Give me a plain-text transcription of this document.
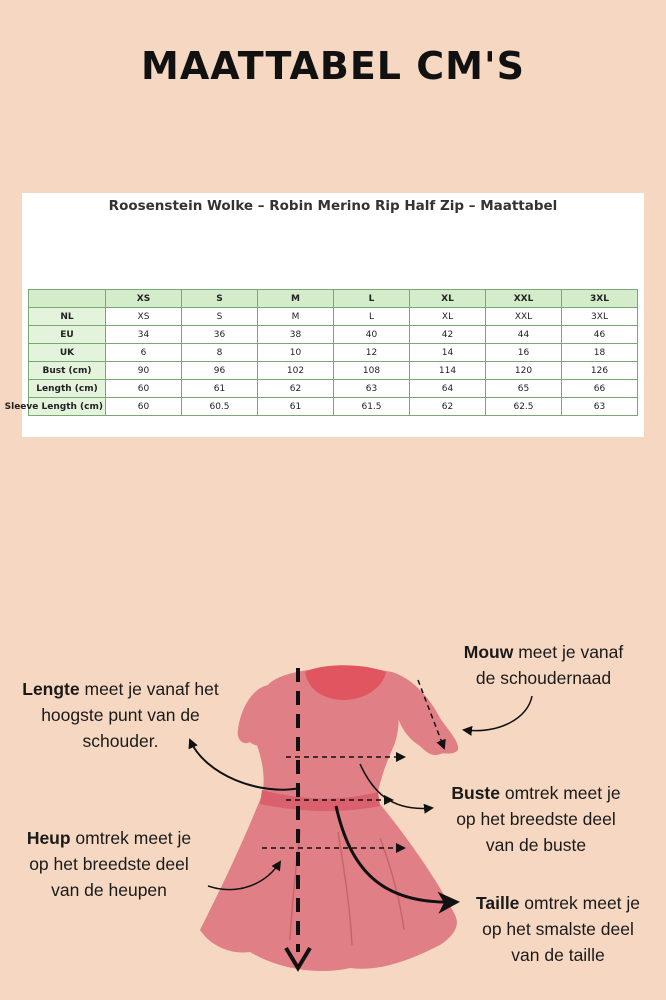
MAATTABEL CM'S
Roosenstein Wolke – Robin Merino Rip Half Zip – Maattabel
	XS	S	M	L	XL	XXL	3XL
NL	XS	S	M	L	XL	XXL	3XL
EU	34	36	38	40	42	44	46
UK	6	8	10	12	14	16	18
Bust (cm)	90	96	102	108	114	120	126
Length (cm)	60	61	62	63	64	65	66
Sleeve Length (cm)	60	60.5	61	61.5	62	62.5	63
Lengte meet je vanaf het
hoogste punt van de
schouder.
Mouw meet je vanaf
de schoudernaad
Buste omtrek meet je
op het breedste deel
van de buste
Heup omtrek meet je
op het breedste deel
van de heupen
Taille omtrek meet je
op het smalste deel
van de taille
